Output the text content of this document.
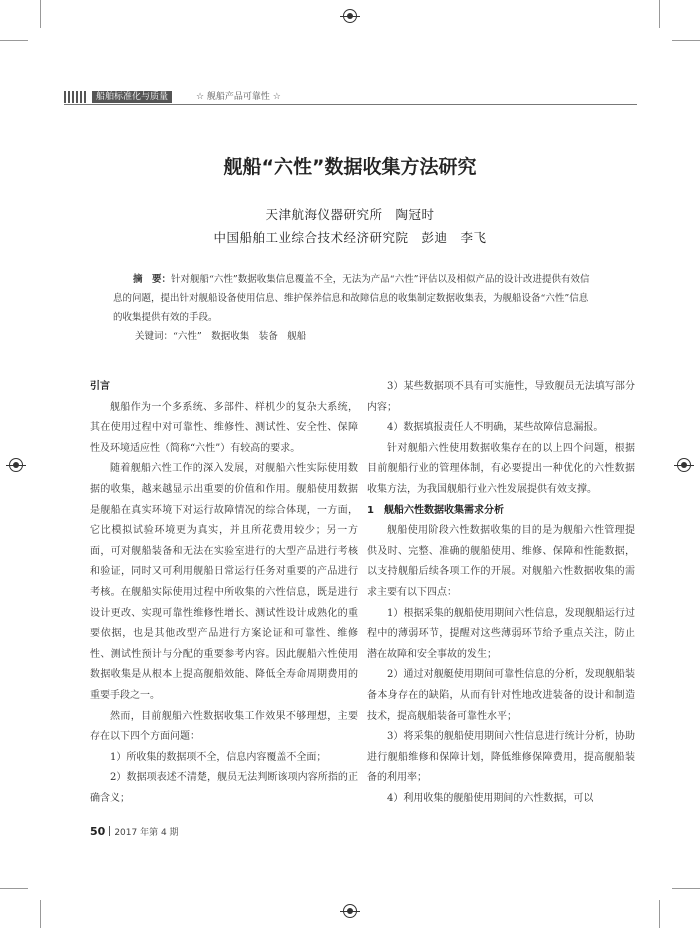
船舶标准化与质量	☆ 舰船产品可靠性 ☆
舰船“六性”数据收集方法研究
天津航海仪器研究所  陶冠时
中国船舶工业综合技术经济研究院  彭迪  李飞

摘　要：针对舰船“六性”数据收集信息覆盖不全，无法为产品“六性”评估以及相似产品的设计改进提供有效信息的问题，提出针对舰船设备使用信息、维护保养信息和故障信息的收集制定数据收集表，为舰船设备“六性”信息的收集提供有效的手段。

关键词：“六性”　数据收集　装备　舰船

引言

舰船作为一个多系统、多部件、样机少的复杂大系统，其在使用过程中对可靠性、维修性、测试性、安全性、保障性及环境适应性（简称“六性”）有较高的要求。

随着舰船六性工作的深入发展，对舰船六性实际使用数据的收集，越来越显示出重要的价值和作用。舰船使用数据是舰船在真实环境下对运行故障情况的综合体现，一方面，它比模拟试验环境更为真实，并且所花费用较少；另一方面，可对舰船装备和无法在实验室进行的大型产品进行考核和验证，同时又可利用舰船日常运行任务对重要的产品进行考核。在舰船实际使用过程中所收集的六性信息，既是进行设计更改、实现可靠性维修性增长、测试性设计成熟化的重要依据，也是其他改型产品进行方案论证和可靠性、维修性、测试性预计与分配的重要参考内容。因此舰船六性使用数据收集是从根本上提高舰船效能、降低全寿命周期费用的重要手段之一。

然而，目前舰船六性数据收集工作效果不够理想，主要存在以下四个方面问题：

1）所收集的数据项不全，信息内容覆盖不全面；

2）数据项表述不清楚，舰员无法判断该项内容所指的正确含义；

3）某些数据项不具有可实施性，导致舰员无法填写部分内容；

4）数据填报责任人不明确，某些故障信息漏报。

针对舰船六性使用数据收集存在的以上四个问题，根据目前舰船行业的管理体制，有必要提出一种优化的六性数据收集方法，为我国舰船行业六性发展提供有效支撑。

1　舰船六性数据收集需求分析

舰船使用阶段六性数据收集的目的是为舰船六性管理提供及时、完整、准确的舰船使用、维修、保障和性能数据，以支持舰船后续各项工作的开展。对舰船六性数据收集的需求主要有以下四点：

1）根据采集的舰船使用期间六性信息，发现舰船运行过程中的薄弱环节，提醒对这些薄弱环节给予重点关注，防止潜在故障和安全事故的发生；

2）通过对舰艇使用期间可靠性信息的分析，发现舰船装备本身存在的缺陷，从而有针对性地改进装备的设计和制造技术，提高舰船装备可靠性水平；

3）将采集的舰船使用期间六性信息进行统计分析，协助进行舰船维修和保障计划，降低维修保障费用，提高舰船装备的利用率；

4）利用收集的舰船使用期间的六性数据，可以

50 2017 年第 4 期
